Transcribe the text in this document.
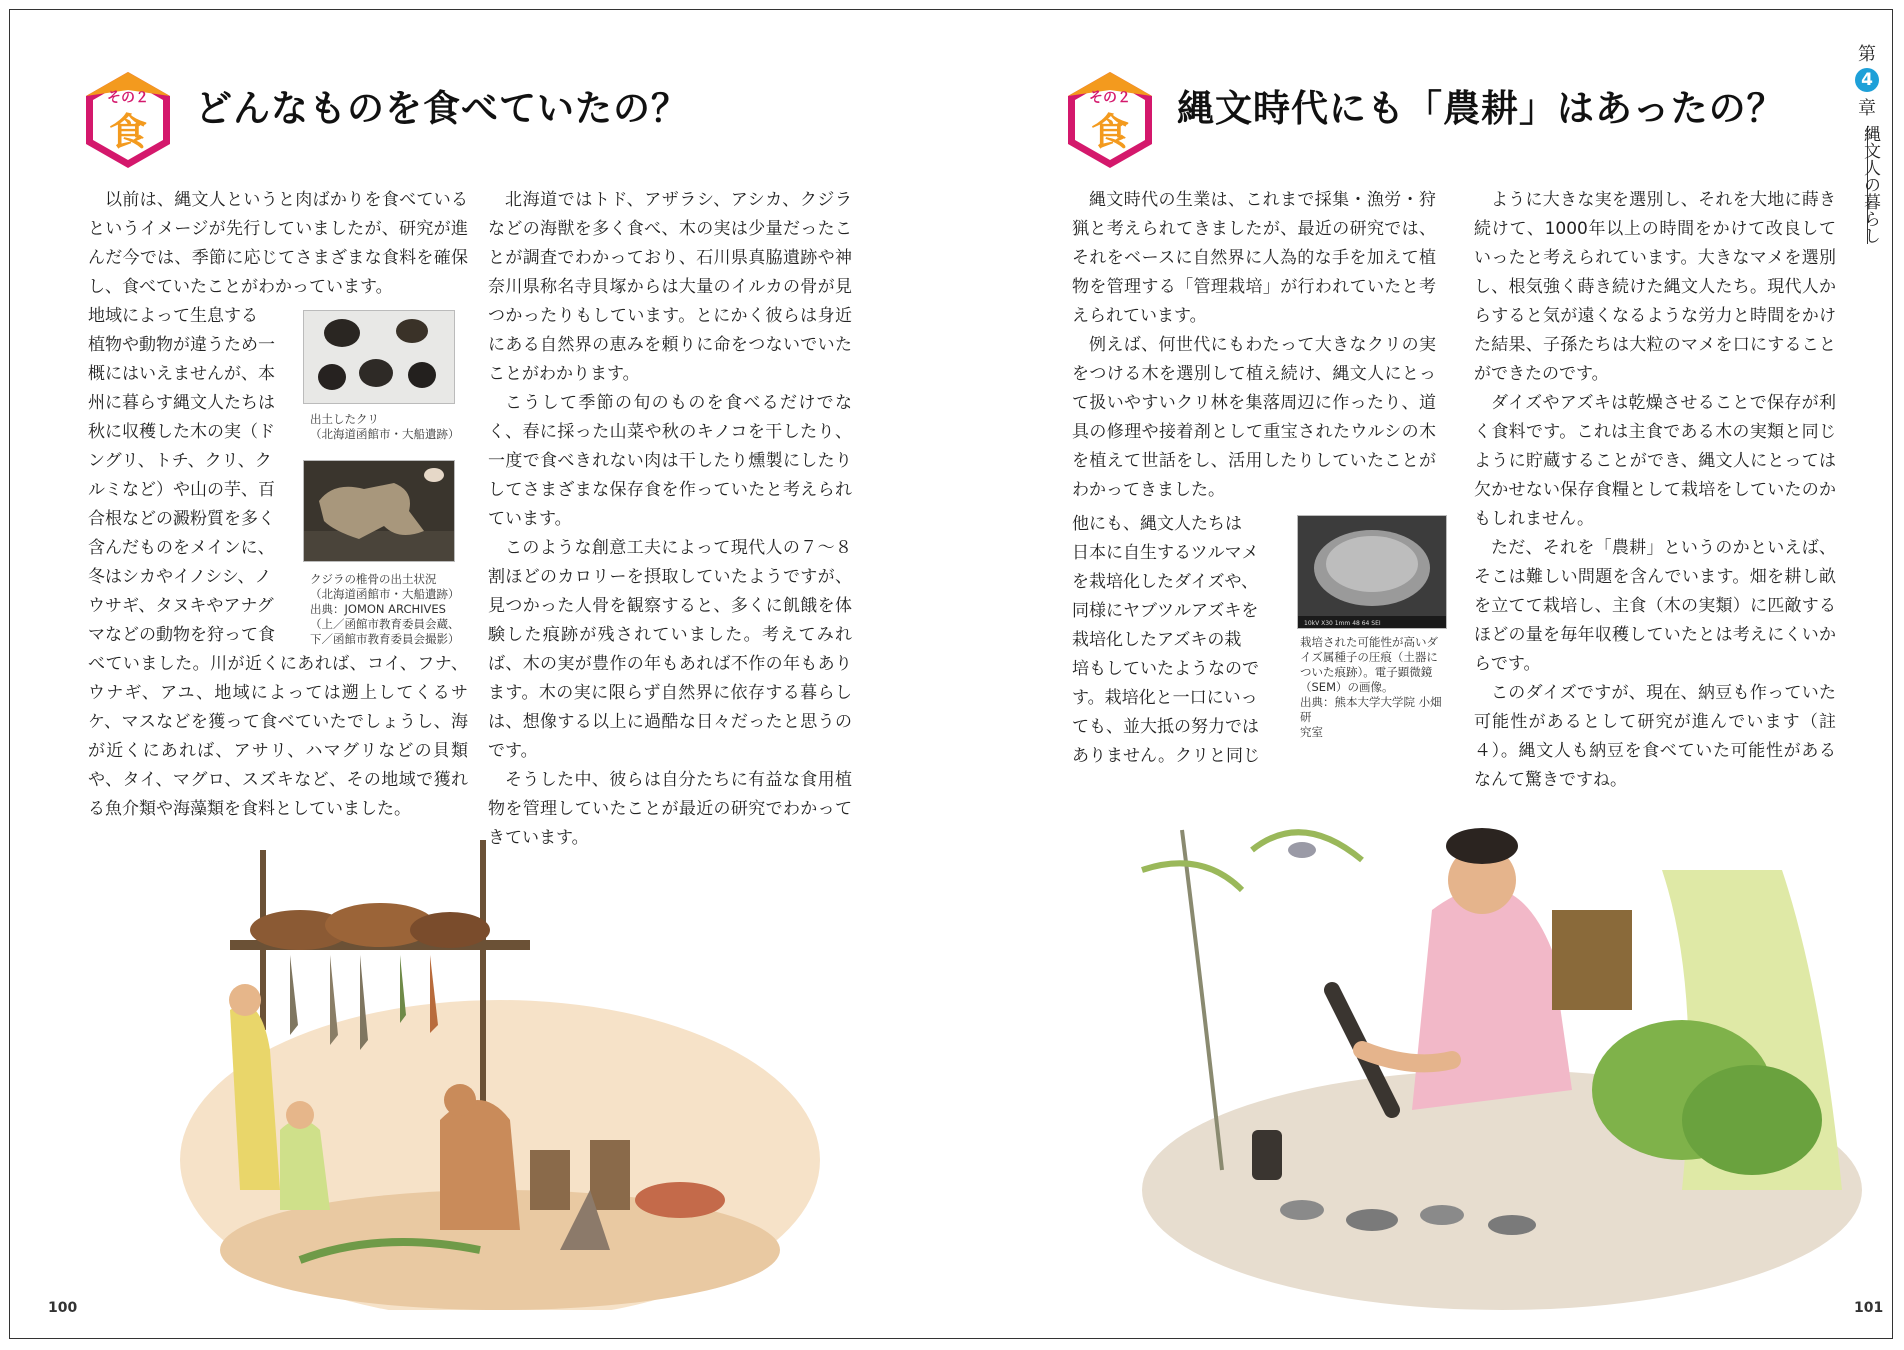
その２
食
どんなものを食べていたの？

以前は、縄文人というと肉ばかりを食べているというイメージが先行していましたが、研究が進んだ今では、季節に応じてさまざまな食料を確保し、食べていたことがわかっています。

地域によって生息する
植物や動物が違うため一
概にはいえませんが、本
州に暮らす縄文人たちは
秋に収穫した木の実（ド
ングリ、トチ、クリ、ク
ルミなど）や山の芋、百
合根などの澱粉質を多く
含んだものをメインに、
冬はシカやイノシシ、ノ
ウサギ、タヌキやアナグ
マなどの動物を狩って食

べていました。川が近くにあれば、コイ、フナ、ウナギ、アユ、地域によっては遡上してくるサケ、マスなどを獲って食べていたでしょうし、海が近くにあれば、アサリ、ハマグリなどの貝類や、タイ、マグロ、スズキなど、その地域で獲れる魚介類や海藻類を食料としていました。

出土したクリ
（北海道函館市・大船遺跡）
クジラの椎骨の出土状況
（北海道函館市・大船遺跡）
出典：JOMON ARCHIVES
（上／函館市教育委員会蔵、
下／函館市教育委員会撮影）

北海道ではトド、アザラシ、アシカ、クジラなどの海獣を多く食べ、木の実は少量だったことが調査でわかっており、石川県真脇遺跡や神奈川県称名寺貝塚からは大量のイルカの骨が見つかったりもしています。とにかく彼らは身近にある自然界の恵みを頼りに命をつないでいたことがわかります。

こうして季節の旬のものを食べるだけでなく、春に採った山菜や秋のキノコを干したり、一度で食べきれない肉は干したり燻製にしたりしてさまざまな保存食を作っていたと考えられています。

このような創意工夫によって現代人の７〜８割ほどのカロリーを摂取していたようですが、見つかった人骨を観察すると、多くに飢餓を体験した痕跡が残されていました。考えてみれば、木の実が豊作の年もあれば不作の年もあります。木の実に限らず自然界に依存する暮らしは、想像する以上に過酷な日々だったと思うのです。

そうした中、彼らは自分たちに有益な食用植物を管理していたことが最近の研究でわかってきています。

100
その２
食
縄文時代にも「農耕」はあったの？
第
4
章
縄文人の暮らし

縄文時代の生業は、これまで採集・漁労・狩猟と考えられてきましたが、最近の研究では、それをベースに自然界に人為的な手を加えて植物を管理する「管理栽培」が行われていたと考えられています。

例えば、何世代にもわたって大きなクリの実をつける木を選別して植え続け、縄文人にとって扱いやすいクリ林を集落周辺に作ったり、道具の修理や接着剤として重宝されたウルシの木を植えて世話をし、活用したりしていたことがわかってきました。

他にも、縄文人たちは
日本に自生するツルマメ
を栽培化したダイズや、
同様にヤブツルアズキを
栽培化したアズキの栽
培もしていたようなので
す。栽培化と一口にいっ
ても、並大抵の努力では
ありません。クリと同じ
10kV X30 1mm 48 64 SEI
栽培された可能性が高いダ
イズ属種子の圧痕（土器に
ついた痕跡）。電子顕微鏡
（SEM）の画像。
出典：熊本大学大学院 小畑研
究室

ように大きな実を選別し、それを大地に蒔き続けて、1000年以上の時間をかけて改良していったと考えられています。大きなマメを選別し、根気強く蒔き続けた縄文人たち。現代人からすると気が遠くなるような労力と時間をかけた結果、子孫たちは大粒のマメを口にすることができたのです。

ダイズやアズキは乾燥させることで保存が利く食料です。これは主食である木の実類と同じように貯蔵することができ、縄文人にとっては欠かせない保存食糧として栽培をしていたのかもしれません。

ただ、それを「農耕」というのかといえば、そこは難しい問題を含んでいます。畑を耕し畝を立てて栽培し、主食（木の実類）に匹敵するほどの量を毎年収穫していたとは考えにくいからです。

このダイズですが、現在、納豆も作っていた可能性があるとして研究が進んでいます（註４）。縄文人も納豆を食べていた可能性があるなんて驚きですね。

101
